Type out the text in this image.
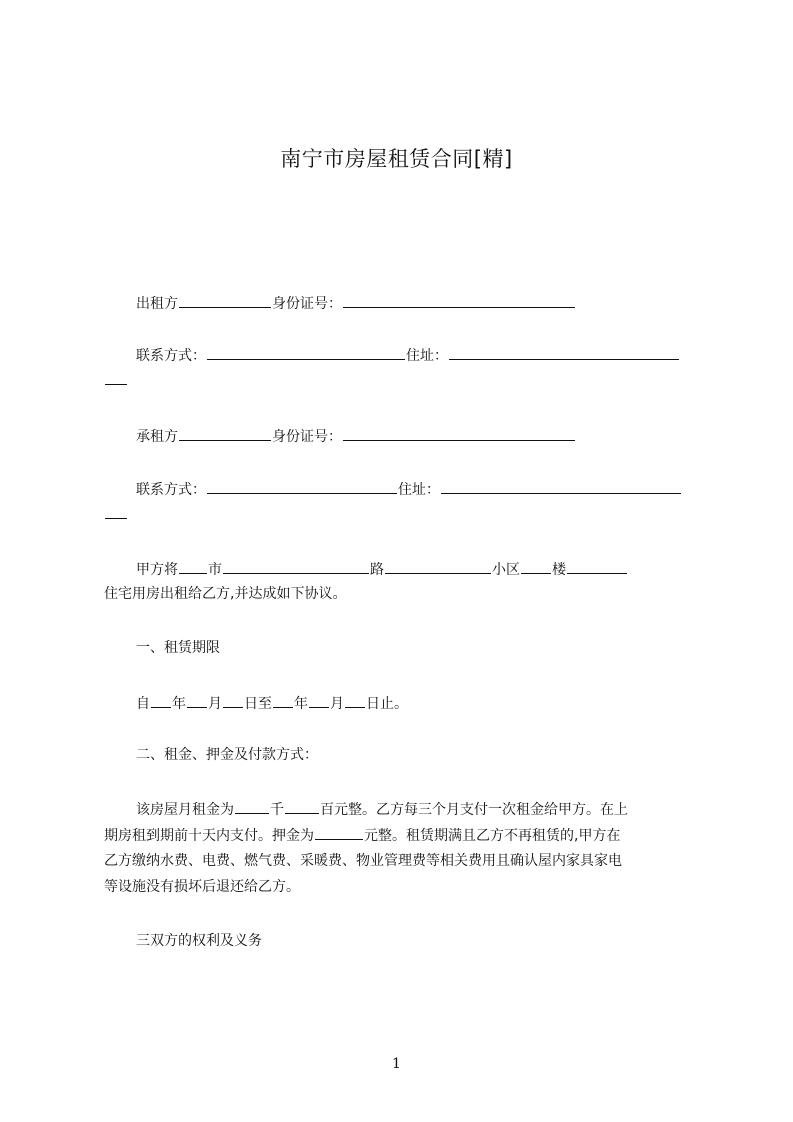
南宁市房屋租赁合同[精]
出租方	身份证号：
联系方式：	住址：
承租方	身份证号：
联系方式：	住址：
甲方将 市	路	小区 楼
住宅用房出租给乙方,并达成如下协议。
一、租赁期限
自 年 月 日至 年 月 日止。
二、租金、押金及付款方式：
该房屋月租金为	千	百元整。乙方每三个月支付一次租金给甲方。在上
期房租到期前十天内支付。押金为	元整。租赁期满且乙方不再租赁的,甲方在
乙方缴纳水费、电费、燃气费、采暖费、物业管理费等相关费用且确认屋内家具家电
等设施没有损坏后退还给乙方。
三双方的权利及义务
1
